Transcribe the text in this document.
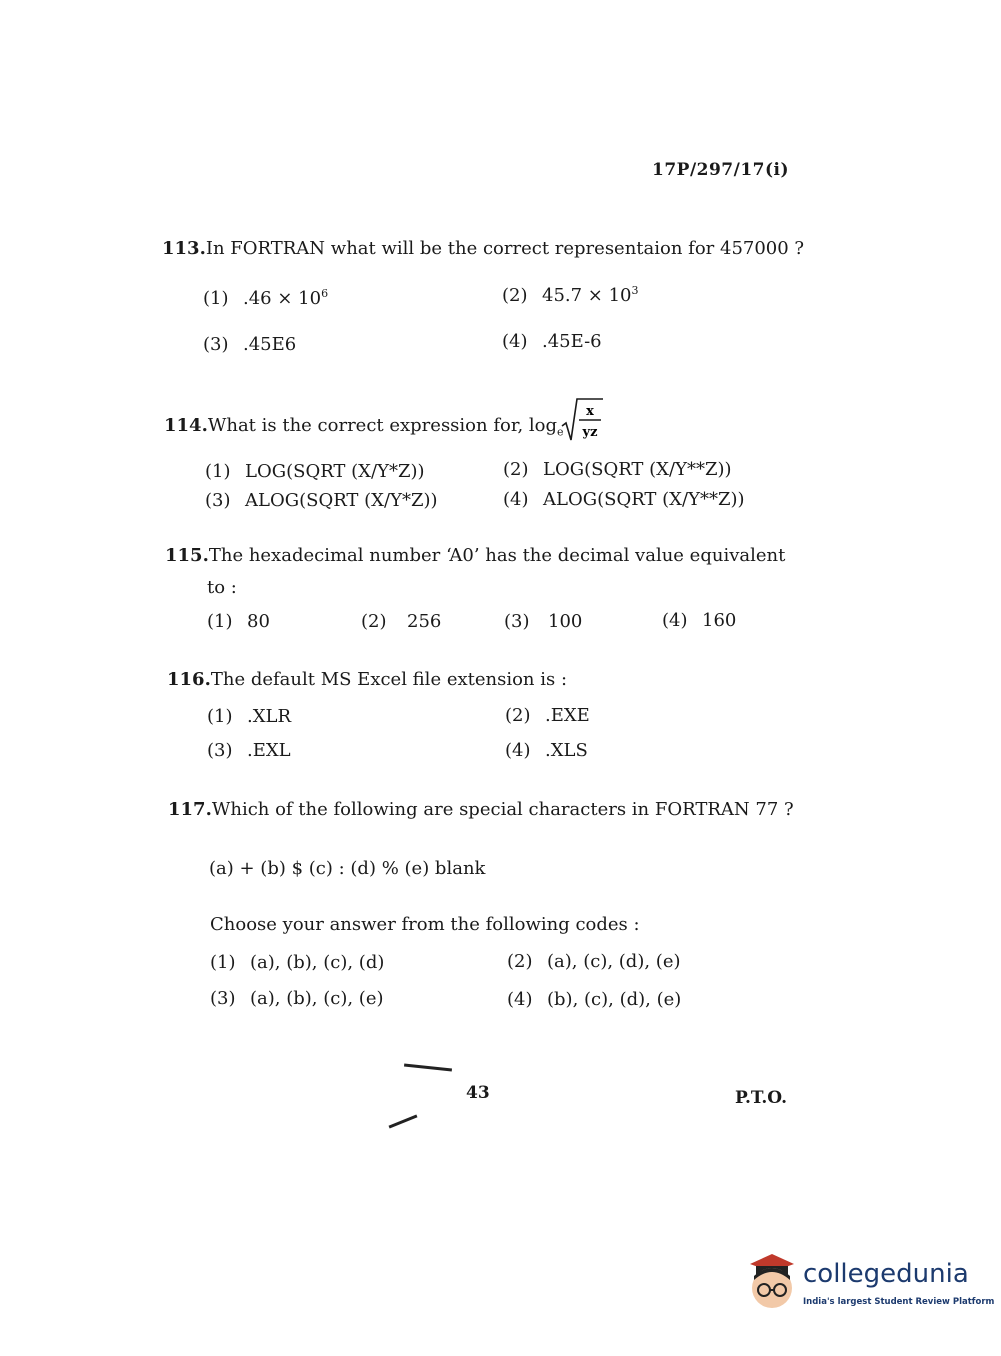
17P/297/17(i)
113.In FORTRAN what will be the correct representaion for 457000 ?
(1) $.46 \times 10^6$	(2) $45.7 \times 10^3$
(3) .45E6	(4) .45E-6
114.What is the correct expression for, $\log_e$
x
yz
(1) LOG(SQRT (X/Y*Z))	(2) LOG(SQRT (X/Y**Z))
(3) ALOG(SQRT (X/Y*Z))	(4) ALOG(SQRT (X/Y**Z))
115.The hexadecimal number ‘A0’ has the decimal value equivalent
to :
(1) 80	(2) 256	(3) 100	(4) 160
116.The default MS Excel file extension is :
(1) .XLR	(2) .EXE
(3) .EXL	(4) .XLS
117.Which of the following are special characters in FORTRAN 77 ?
(a) + (b) $ (c) : (d) % (e) blank
Choose your answer from the following codes :
(1) (a), (b), (c), (d)	(2) (a), (c), (d), (e)
(3) (a), (b), (c), (e)	(4) (b), (c), (d), (e)
43	P.T.O.
collegedunia
India's largest Student Review Platform
